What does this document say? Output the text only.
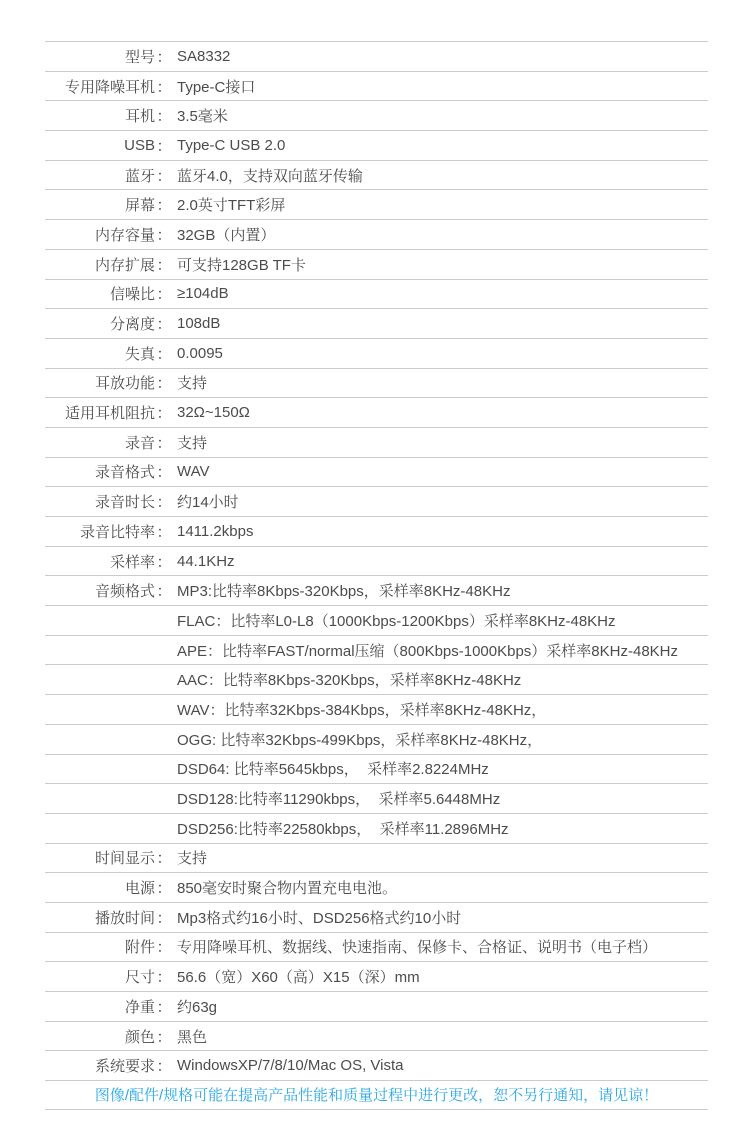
型号 ： SA8332
专用降噪耳机 ： Type-C接口
耳机 ： 3.5毫米
USB ： Type-C USB 2.0
蓝牙 ： 蓝牙4.0，支持双向蓝牙传输
屏幕 ： 2.0英寸TFT彩屏
内存容量 ： 32GB（内置）
内存扩展 ： 可支持128GB TF卡
信噪比 ： ≥104dB
分离度 ： 108dB
失真 ： 0.0095
耳放功能 ： 支持
适用耳机阻抗 ： 32Ω~150Ω
录音 ： 支持
录音格式 ： WAV
录音时长 ： 约14小时
录音比特率 ： 1411.2kbps
采样率 ： 44.1KHz
音频格式 ： MP3:比特率8Kbps-320Kbps，采样率8KHz-48KHz
FLAC：比特率L0-L8（1000Kbps-1200Kbps）采样率8KHz-48KHz
APE：比特率FAST/normal压缩（800Kbps-1000Kbps）采样率8KHz-48KHz
AAC：比特率8Kbps-320Kbps，采样率8KHz-48KHz
WAV：比特率32Kbps-384Kbps，采样率8KHz-48KHz，
OGG: 比特率32Kbps-499Kbps，采样率8KHz-48KHz，
DSD64: 比特率5645kbps，  采样率2.8224MHz
DSD128:比特率11290kbps，  采样率5.6448MHz
DSD256:比特率22580kbps，  采样率11.2896MHz
时间显示 ： 支持
电源 ： 850毫安时聚合物内置充电电池。
播放时间 ： Mp3格式约16小时、DSD256格式约10小时
附件 ： 专用降噪耳机、数据线、快速指南、保修卡、合格证、说明书（电子档）
尺寸 ： 56.6（宽）X60（高）X15（深）mm
净重 ： 约63g
颜色 ： 黑色
系统要求 ： WindowsXP/7/8/10/Mac OS, Vista
图像/配件/规格可能在提高产品性能和质量过程中进行更改，恕不另行通知，请见谅！
